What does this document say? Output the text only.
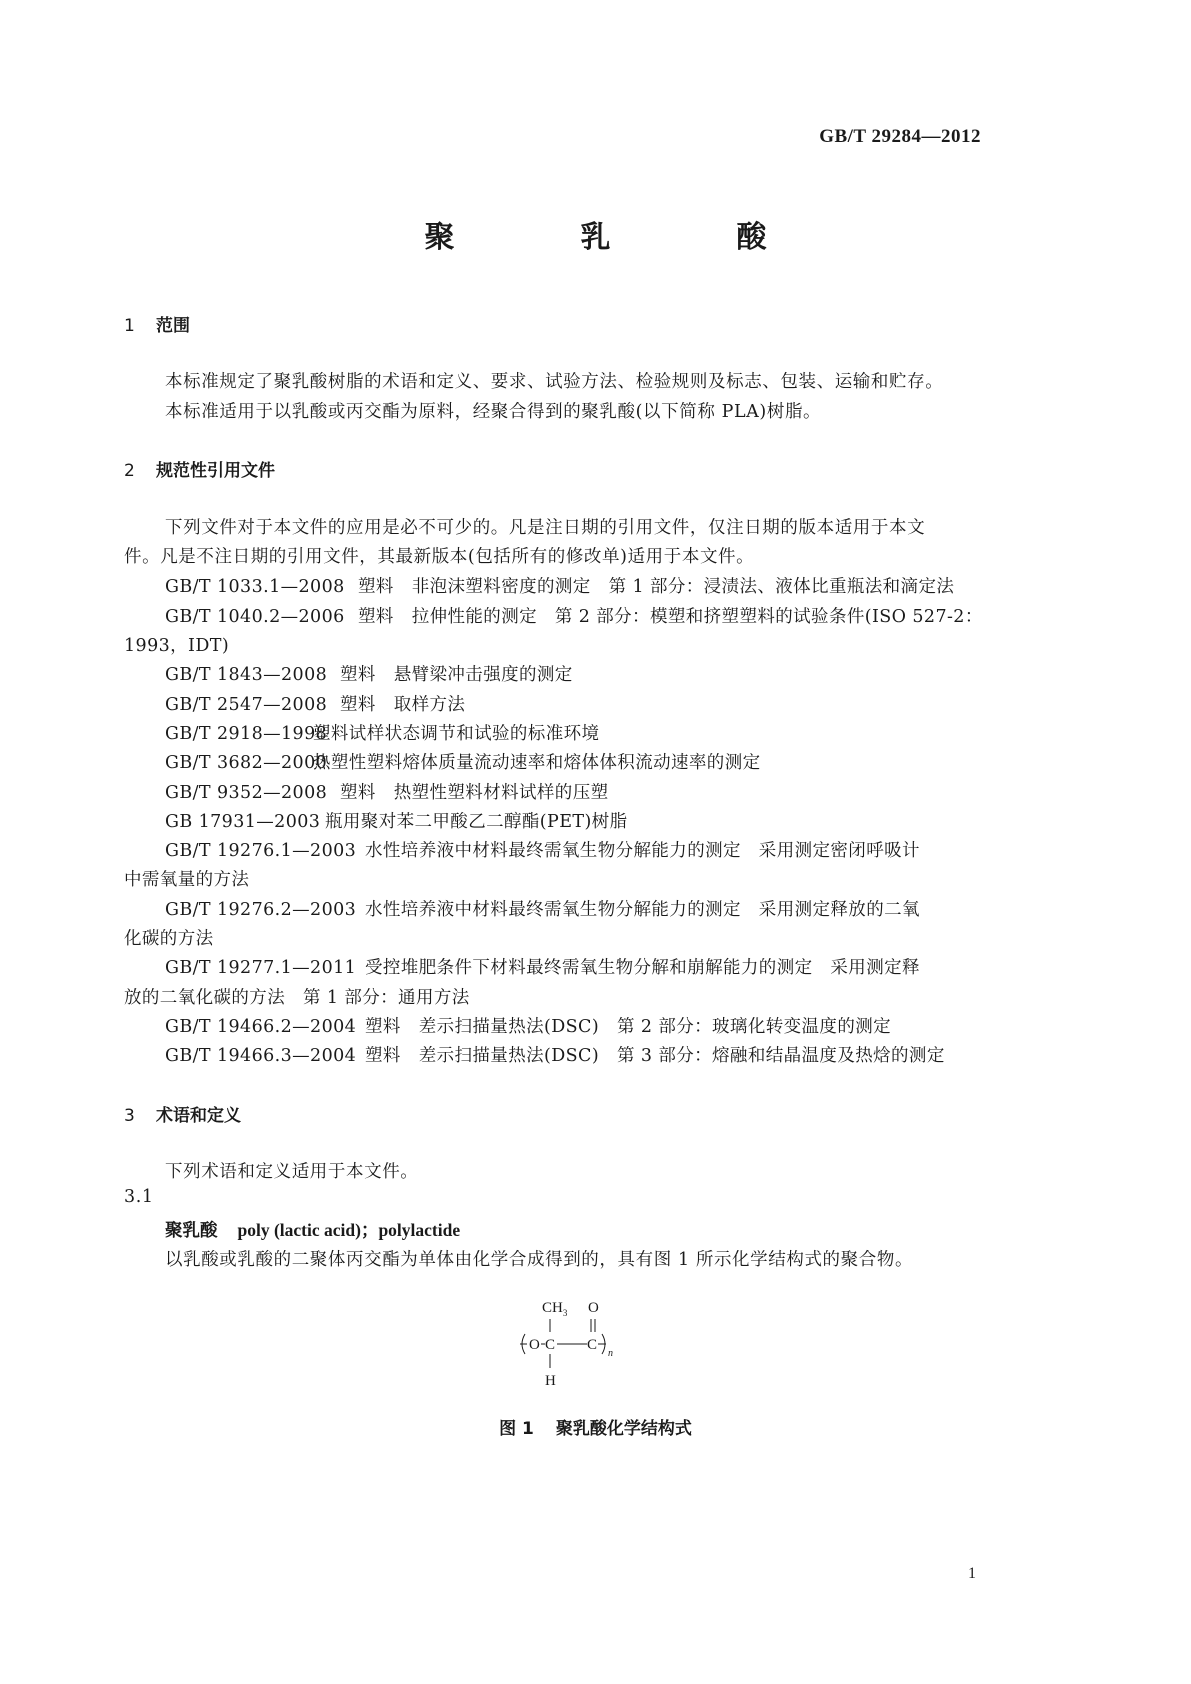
GB/T 29284—2012
聚　乳　酸
1 范围
本标准规定了聚乳酸树脂的术语和定义、要求、试验方法、检验规则及标志、包装、运输和贮存。
本标准适用于以乳酸或丙交酯为原料，经聚合得到的聚乳酸(以下简称 PLA)树脂。
2 规范性引用文件
下列文件对于本文件的应用是必不可少的。凡是注日期的引用文件，仅注日期的版本适用于本文
件。凡是不注日期的引用文件，其最新版本(包括所有的修改单)适用于本文件。
GB/T 1033.1—2008 塑料　非泡沫塑料密度的测定　第 1 部分：浸渍法、液体比重瓶法和滴定法
GB/T 1040.2—2006 塑料　拉伸性能的测定　第 2 部分：模塑和挤塑塑料的试验条件(ISO 527-2：
1993，IDT)
GB/T 1843—2008 塑料　悬臂梁冲击强度的测定
GB/T 2547—2008 塑料　取样方法
GB/T 2918—1998塑料试样状态调节和试验的标准环境
GB/T 3682—2000热塑性塑料熔体质量流动速率和熔体体积流动速率的测定
GB/T 9352—2008 塑料　热塑性塑料材料试样的压塑
GB 17931—2003 瓶用聚对苯二甲酸乙二醇酯(PET)树脂
GB/T 19276.1—2003 水性培养液中材料最终需氧生物分解能力的测定　采用测定密闭呼吸计
中需氧量的方法
GB/T 19276.2—2003 水性培养液中材料最终需氧生物分解能力的测定　采用测定释放的二氧
化碳的方法
GB/T 19277.1—2011 受控堆肥条件下材料最终需氧生物分解和崩解能力的测定　采用测定释
放的二氧化碳的方法　第 1 部分：通用方法
GB/T 19466.2—2004 塑料　差示扫描量热法(DSC)　第 2 部分：玻璃化转变温度的测定
GB/T 19466.3—2004 塑料　差示扫描量热法(DSC)　第 3 部分：熔融和结晶温度及热焓的测定
3 术语和定义
下列术语和定义适用于本文件。
3.1
聚乳酸 poly (lactic acid)；polylactide
以乳酸或乳酸的二聚体丙交酯为单体由化学合成得到的，具有图 1 所示化学结构式的聚合物。
$CH_3$ O
O C C
n
H
图 1 聚乳酸化学结构式
1
